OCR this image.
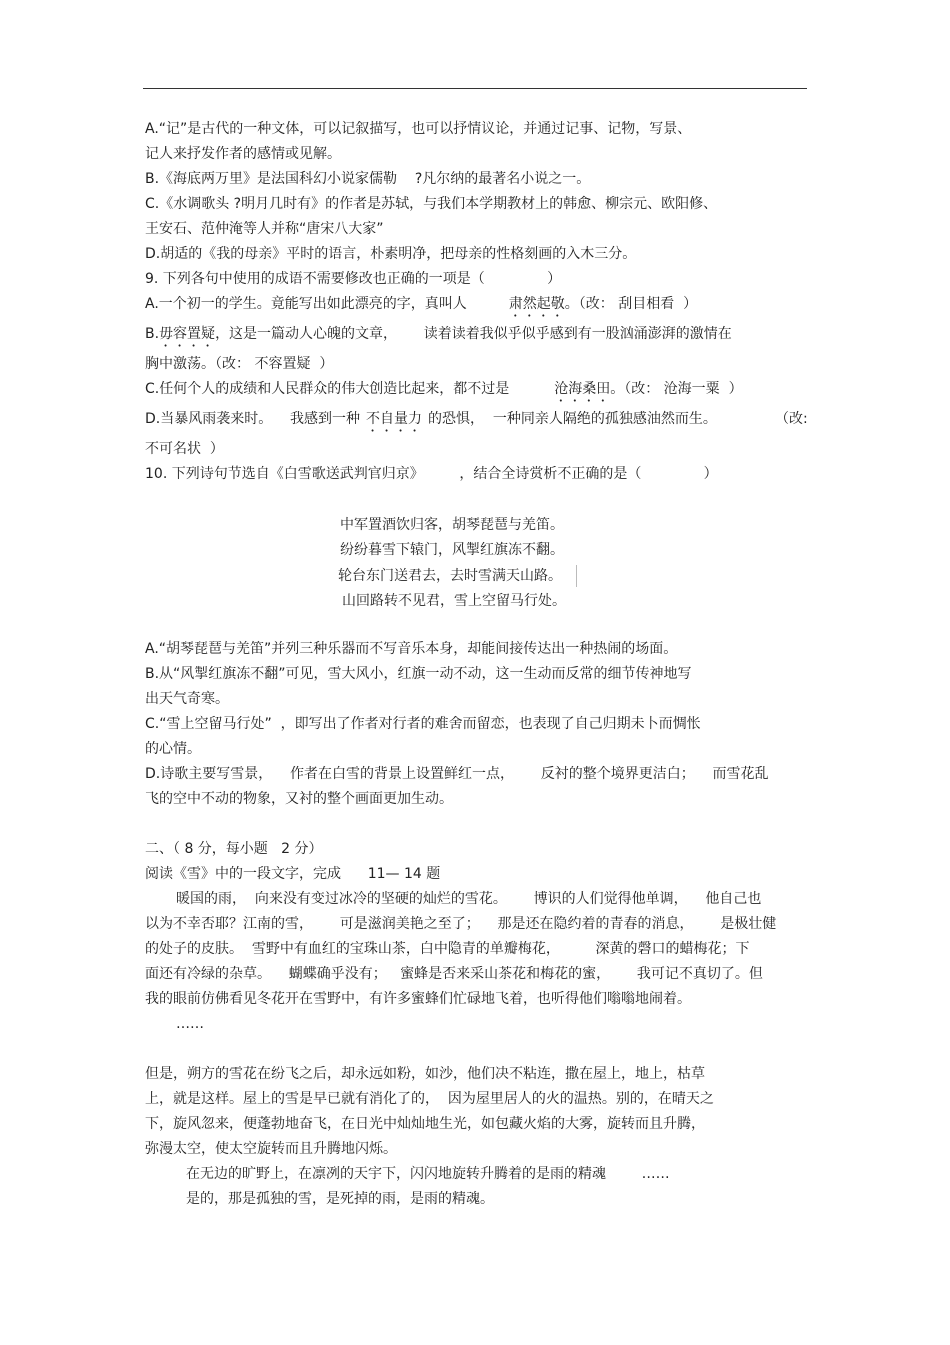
A.“记”是古代的一种文体，可以记叙描写，也可以抒情议论，并通过记事、记物，写景、
记人来抒发作者的感情或见解。
B.《海底两万里》是法国科幻小说家儒勒    ?凡尔纳的最著名小说之一。
C.《水调歌头 ?明月几时有》的作者是苏轼，与我们本学期教材上的韩愈、柳宗元、欧阳修、
王安石、范仲淹等人并称“唐宋八大家”
D.胡适的《我的母亲》平时的语言，朴素明净，把母亲的性格刻画的入木三分。
9. 下列各句中使用的成语不需要修改也正确的一项是（              ）
A.一个初一的学生。竟能写出如此漂亮的字，真叫人	肃然起敬。（改： 刮目相看  ）
B.毋容置疑，这是一篇动人心魄的文章，      读着读着我似乎似乎感到有一股汹涌澎湃的激情在
胸中激荡。（改： 不容置疑  ）
C.任何个人的成绩和人民群众的伟大创造比起来，都不过是	沧海桑田。（改： 沧海一粟  ）
D.当暴风雨袭来时。    我感到一种 不自量力 的恐惧，  一种同亲人隔绝的孤独感油然而生。	（改:
不可名状  ）
10. 下列诗句节选自《白雪歌送武判官归京》        ，结合全诗赏析不正确的是（              ）
中军置酒饮归客，胡琴琵琶与羌笛。
纷纷暮雪下辕门，风掣红旗冻不翻。
轮台东门送君去，去时雪满天山路。
山回路转不见君，雪上空留马行处。
A.“胡琴琵琶与羌笛”并列三种乐器而不写音乐本身，却能间接传达出一种热闹的场面。
B.从“风掣红旗冻不翻”可见，雪大风小，红旗一动不动，这一生动而反常的细节传神地写
出天气奇寒。
C.“雪上空留马行处”  ，即写出了作者对行者的难舍而留恋，也表现了自己归期未卜而惆怅
的心情。
D.诗歌主要写雪景，    作者在白雪的背景上设置鲜红一点，      反衬的整个境界更洁白；    而雪花乱
飞的空中不动的物象，又衬的整个画面更加生动。
二、（ 8 分，每小题   2 分）
阅读《雪》中的一段文字，完成      11— 14 题
暖国的雨，  向来没有变过冰冷的坚硬的灿烂的雪花。      博识的人们觉得他单调，    他自己也
以为不幸否耶？江南的雪，      可是滋润美艳之至了；    那是还在隐约着的青春的消息，      是极壮健
的处子的皮肤。  雪野中有血红的宝珠山茶，白中隐青的单瓣梅花，        深黄的磬口的蜡梅花；下
面还有冷绿的杂草。    蝴蝶确乎没有；   蜜蜂是否来采山茶花和梅花的蜜，      我可记不真切了。但
我的眼前仿佛看见冬花开在雪野中，有许多蜜蜂们忙碌地飞着，也听得他们嗡嗡地闹着。
……
但是，朔方的雪花在纷飞之后，却永远如粉，如沙，他们决不粘连，撒在屋上，地上，枯草
上，就是这样。屋上的雪是早已就有消化了的，  因为屋里居人的火的温热。别的，在晴天之
下，旋风忽来，便蓬勃地奋飞，在日光中灿灿地生光，如包藏火焰的大雾，旋转而且升腾，
弥漫太空，使太空旋转而且升腾地闪烁。
在无边的旷野上，在凛冽的天宇下，闪闪地旋转升腾着的是雨的精魂        ……
是的，那是孤独的雪，是死掉的雨，是雨的精魂。
